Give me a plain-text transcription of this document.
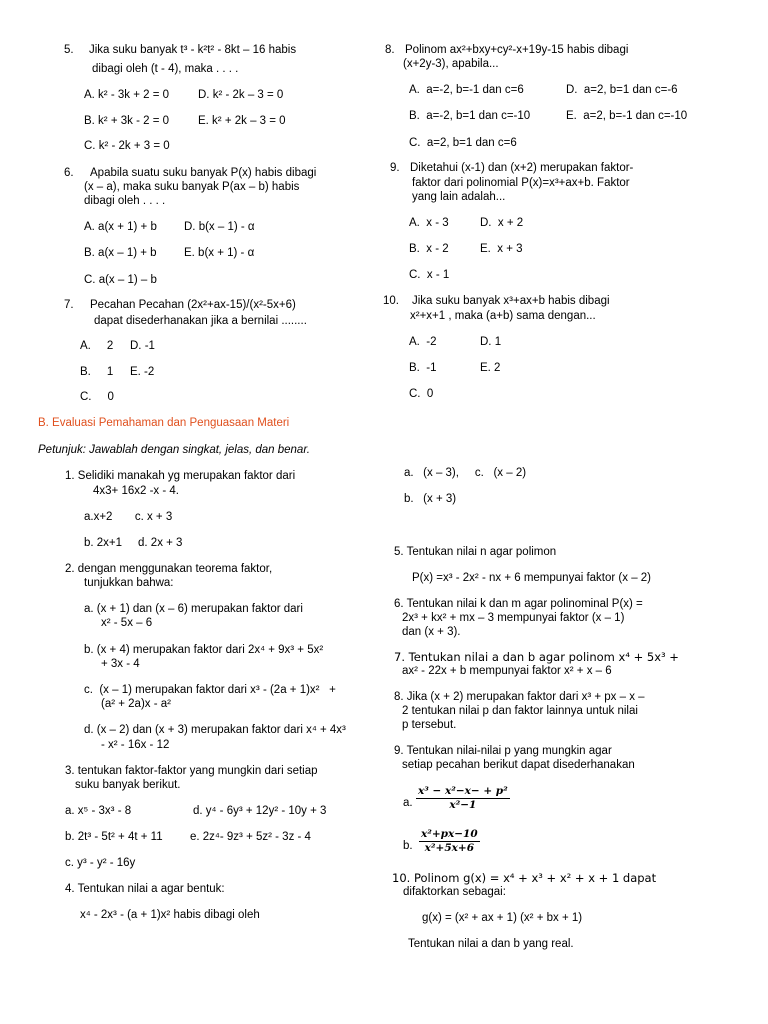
5. Jika suku banyak t³ - k²t² - 8kt – 16 habis
dibagi oleh (t - 4), maka . . . .
A. k² - 3k + 2 = 0	D. k² - 2k – 3 = 0
B. k² + 3k - 2 = 0	E. k² + 2k – 3 = 0
C. k² - 2k + 3 = 0
6. Apabila suatu suku banyak P(x) habis dibagi
(x – a), maka suku banyak P(ax – b) habis
dibagi oleh . . . .
A. a(x + 1) + b D. b(x – 1) - α
B. a(x – 1) + b E. b(x + 1) - α
C. a(x – 1) – b
7. Pecahan Pecahan (2x²+ax-15)/(x²-5x+6)
dapat disederhanakan jika a bernilai ........
A.     2 D. -1
B.     1 E. -2
C.     0
8. Polinom ax²+bxy+cy²-x+19y-15 habis dibagi
(x+2y-3), apabila...
A.  a=-2, b=-1 dan c=6	D.  a=2, b=1 dan c=-6
B.  a=-2, b=1 dan c=-10	E.  a=2, b=-1 dan c=-10
C.  a=2, b=1 dan c=6
9. Diketahui (x-1) dan (x+2) merupakan faktor-
faktor dari polinomial P(x)=x³+ax+b. Faktor
yang lain adalah...
A.  x - 3	D.  x + 2
B.  x - 2	E.  x + 3
C.  x - 1
10. Jika suku banyak x³+ax+b habis dibagi
x²+x+1 , maka (a+b) sama dengan...
A.  -2	D. 1
B.  -1	E. 2
C.  0
B. Evaluasi Pemahaman dan Penguasaan Materi
Petunjuk: Jawablah dengan singkat, jelas, dan benar.
1. Selidiki manakah yg merupakan faktor dari
4x3+ 16x2 -x - 4.
a.x+2       c. x + 3
b. 2x+1     d. 2x + 3
2. dengan menggunakan teorema faktor,
tunjukkan bahwa:
a. (x + 1) dan (x – 6) merupakan faktor dari
x² - 5x – 6
b. (x + 4) merupakan faktor dari 2x⁴ + 9x³ + 5x²
+ 3x - 4
c.  (x – 1) merupakan faktor dari x³ - (2a + 1)x²   +
(a² + 2a)x - a²
d. (x – 2) dan (x + 3) merupakan faktor dari x⁴ + 4x³
- x² - 16x - 12
3. tentukan faktor-faktor yang mungkin dari setiap
suku banyak berikut.
a. x⁵ - 3x³ - 8	d. y⁴ - 6y³ + 12y² - 10y + 3
b. 2t³ - 5t² + 4t + 11 e. 2z⁴- 9z³ + 5z² - 3z - 4
c. y³ - y² - 16y
4. Tentukan nilai a agar bentuk:
x⁴ - 2x³ - (a + 1)x² habis dibagi oleh
a.   (x – 3),     c.   (x – 2)
b.   (x + 3)
5. Tentukan nilai n agar polimon
P(x) =x³ - 2x² - nx + 6 mempunyai faktor (x – 2)
6. Tentukan nilai k dan m agar polinominal P(x) =
2x³ + kx² + mx – 3 mempunyai faktor (x – 1)
dan (x + 3).
7. Tentukan nilai a dan b agar polinom x⁴ + 5x³ +
ax² - 22x + b mempunyai faktor x² + x – 6
8. Jika (x + 2) merupakan faktor dari x³ + px – x –
2 tentukan nilai p dan faktor lainnya untuk nilai
p tersebut.
9. Tentukan nilai-nilai p yang mungkin agar
setiap pecahan berikut dapat disederhanakan
a. $\frac{\text{x³ − x²−x− + p²}}{\text{x²−1}}$
b. $\frac{\text{x²+px−10}}{\text{x²+5x+6}}$
10. Polinom g(x) = x⁴ + x³ + x² + x + 1 dapat
difaktorkan sebagai:
g(x) = (x² + ax + 1) (x² + bx + 1)
Tentukan nilai a dan b yang real.
